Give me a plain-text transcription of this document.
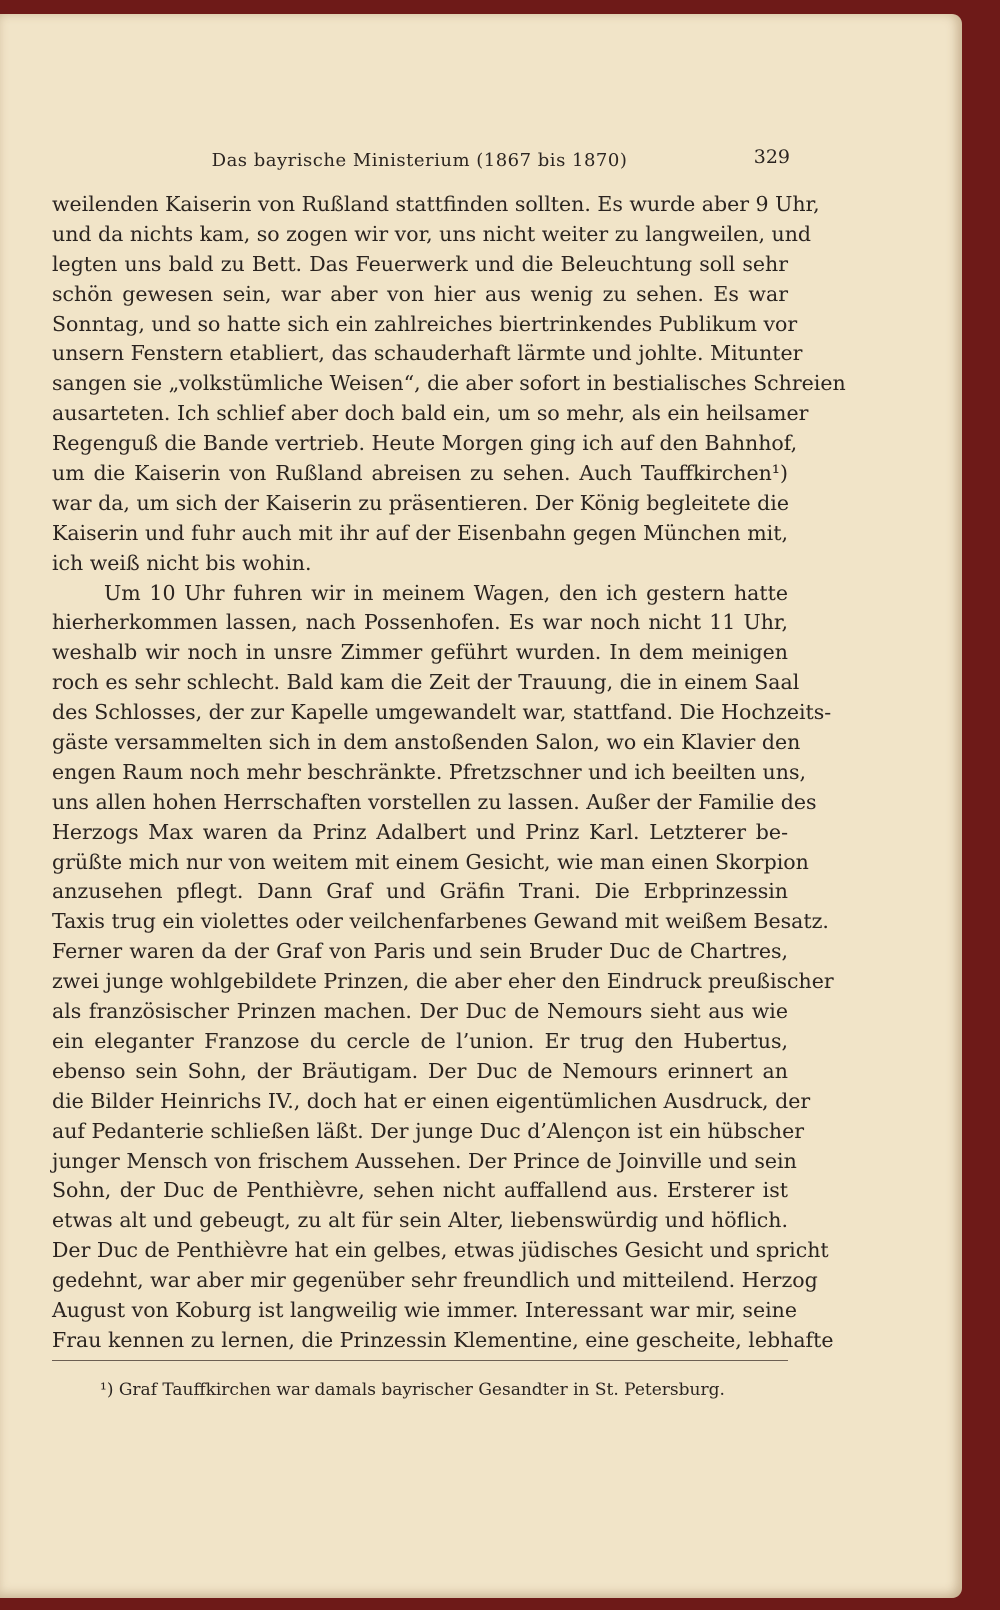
Das bayrische Ministerium (1867 bis 1870)	329
weilenden Kaiserin von Rußland stattfinden sollten. Es wurde aber 9 Uhr,
und da nichts kam, so zogen wir vor, uns nicht weiter zu langweilen, und
legten uns bald zu Bett. Das Feuerwerk und die Beleuchtung soll sehr
schön gewesen sein, war aber von hier aus wenig zu sehen. Es war
Sonntag, und so hatte sich ein zahlreiches biertrinkendes Publikum vor
unsern Fenstern etabliert, das schauderhaft lärmte und johlte. Mitunter
sangen sie „volkstümliche Weisen“, die aber sofort in bestialisches Schreien
ausarteten. Ich schlief aber doch bald ein, um so mehr, als ein heilsamer
Regenguß die Bande vertrieb. Heute Morgen ging ich auf den Bahnhof,
um die Kaiserin von Rußland abreisen zu sehen. Auch Tauffkirchen¹)
war da, um sich der Kaiserin zu präsentieren. Der König begleitete die
Kaiserin und fuhr auch mit ihr auf der Eisenbahn gegen München mit,
ich weiß nicht bis wohin.
Um 10 Uhr fuhren wir in meinem Wagen, den ich gestern hatte
hierherkommen lassen, nach Possenhofen. Es war noch nicht 11 Uhr,
weshalb wir noch in unsre Zimmer geführt wurden. In dem meinigen
roch es sehr schlecht. Bald kam die Zeit der Trauung, die in einem Saal
des Schlosses, der zur Kapelle umgewandelt war, stattfand. Die Hochzeits-
gäste versammelten sich in dem anstoßenden Salon, wo ein Klavier den
engen Raum noch mehr beschränkte. Pfretzschner und ich beeilten uns,
uns allen hohen Herrschaften vorstellen zu lassen. Außer der Familie des
Herzogs Max waren da Prinz Adalbert und Prinz Karl. Letzterer be-
grüßte mich nur von weitem mit einem Gesicht, wie man einen Skorpion
anzusehen pflegt. Dann Graf und Gräfin Trani. Die Erbprinzessin
Taxis trug ein violettes oder veilchenfarbenes Gewand mit weißem Besatz.
Ferner waren da der Graf von Paris und sein Bruder Duc de Chartres,
zwei junge wohlgebildete Prinzen, die aber eher den Eindruck preußischer
als französischer Prinzen machen. Der Duc de Nemours sieht aus wie
ein eleganter Franzose du cercle de l’union. Er trug den Hubertus,
ebenso sein Sohn, der Bräutigam. Der Duc de Nemours erinnert an
die Bilder Heinrichs IV., doch hat er einen eigentümlichen Ausdruck, der
auf Pedanterie schließen läßt. Der junge Duc d’Alençon ist ein hübscher
junger Mensch von frischem Aussehen. Der Prince de Joinville und sein
Sohn, der Duc de Penthièvre, sehen nicht auffallend aus. Ersterer ist
etwas alt und gebeugt, zu alt für sein Alter, liebenswürdig und höflich.
Der Duc de Penthièvre hat ein gelbes, etwas jüdisches Gesicht und spricht
gedehnt, war aber mir gegenüber sehr freundlich und mitteilend. Herzog
August von Koburg ist langweilig wie immer. Interessant war mir, seine
Frau kennen zu lernen, die Prinzessin Klementine, eine gescheite, lebhafte
¹) Graf Tauffkirchen war damals bayrischer Gesandter in St. Petersburg.
